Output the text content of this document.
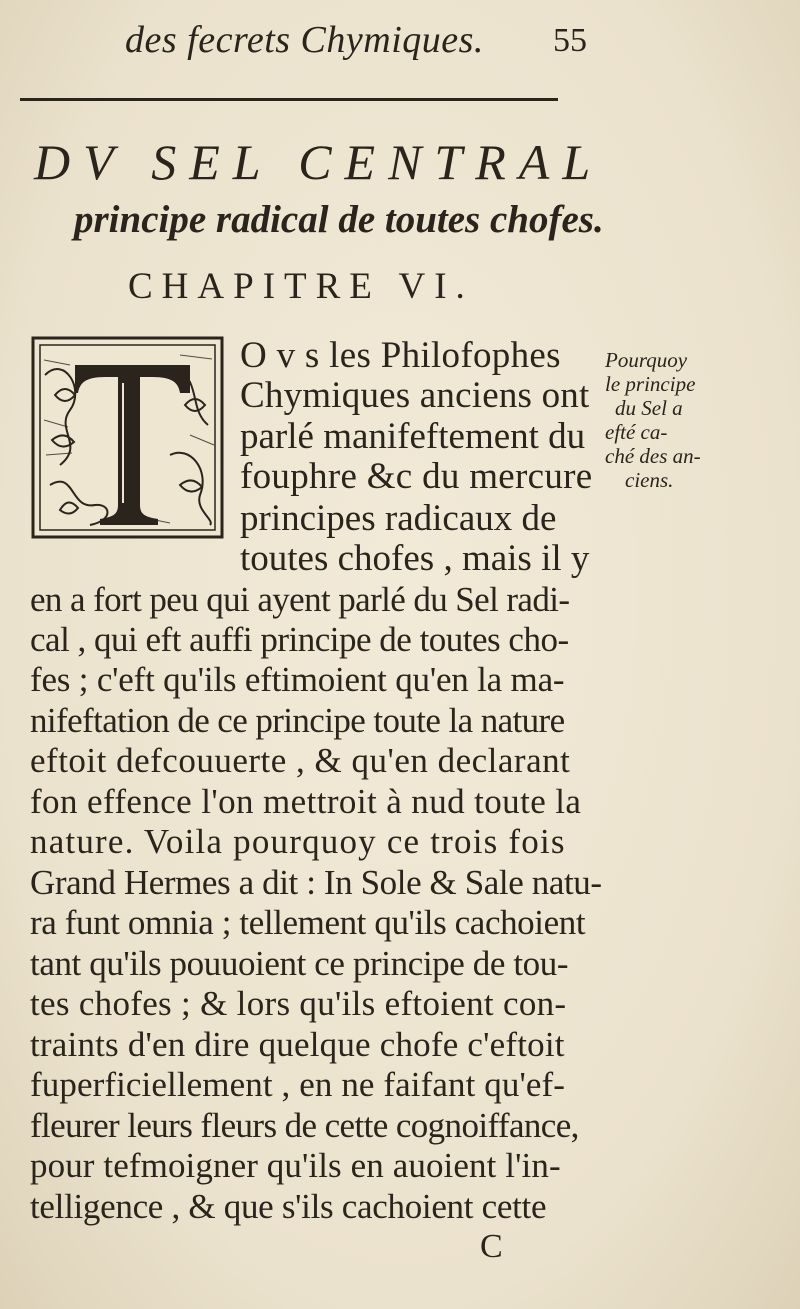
des fecrets Chymiques. 55
DV SEL CENTRAL
principe radical de toutes chofes.
CHAPITRE VI.
O v s les Philofophes
Chymiques anciens ont
parlé manifeftement du
fouphre &c du mercure
principes radicaux de
toutes chofes , mais il y
en a fort peu qui ayent parlé du Sel radi-
cal , qui eft auffi principe de toutes cho-
fes ; c'eft qu'ils eftimoient qu'en la ma-
nifeftation de ce principe toute la nature
eftoit defcouuerte , & qu'en declarant
fon effence l'on mettroit à nud toute la
nature. Voila pourquoy ce trois fois
Grand Hermes a dit : In Sole & Sale natu-
ra funt omnia ; tellement qu'ils cachoient
tant qu'ils pouuoient ce principe de tou-
tes chofes ; & lors qu'ils eftoient con-
traints d'en dire quelque chofe c'eftoit
fuperficiellement , en ne faifant qu'ef-
fleurer leurs fleurs de cette cognoiffance,
pour tefmoigner qu'ils en auoient l'in-
telligence , & que s'ils cachoient cette
Pourquoy
le principe
du Sel a
efté ca-
ché des an-
ciens.
C
